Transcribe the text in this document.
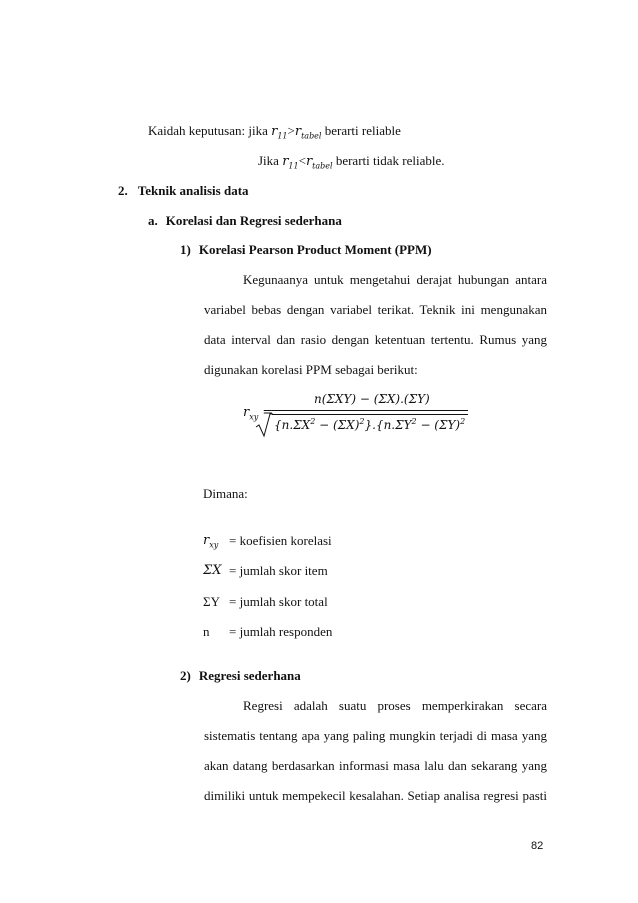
Kaidah keputusan: jika $r_{11}>r_{tabel}$ berarti reliable
Jika $r_{11}<r_{tabel}$ berarti tidak reliable.
2. Teknik analisis data
a. Korelasi dan Regresi sederhana
1) Korelasi Pearson Product Moment (PPM)
Kegunaanya untuk mengetahui derajat hubungan antara
variabel bebas dengan variabel terikat. Teknik ini mengunakan
data interval dan rasio dengan ketentuan tertentu. Rumus yang
digunakan korelasi PPM sebagai berikut:
$r_{xy}$ =
n(ΣXY) − (ΣX).(ΣY)
$\{n.\Sigma X^2 - (\Sigma X)^2\}.\{n.\Sigma Y^2 - (\Sigma Y)^2$
Dimana:
$r_{xy}$ = koefisien korelasi
ΣX = jumlah skor item
ΣY = jumlah skor total
n = jumlah responden
2) Regresi sederhana
Regresi adalah suatu proses memperkirakan secara
sistematis tentang apa yang paling mungkin terjadi di masa yang
akan datang berdasarkan informasi masa lalu dan sekarang yang
dimiliki untuk mempekecil kesalahan. Setiap analisa regresi pasti
82
